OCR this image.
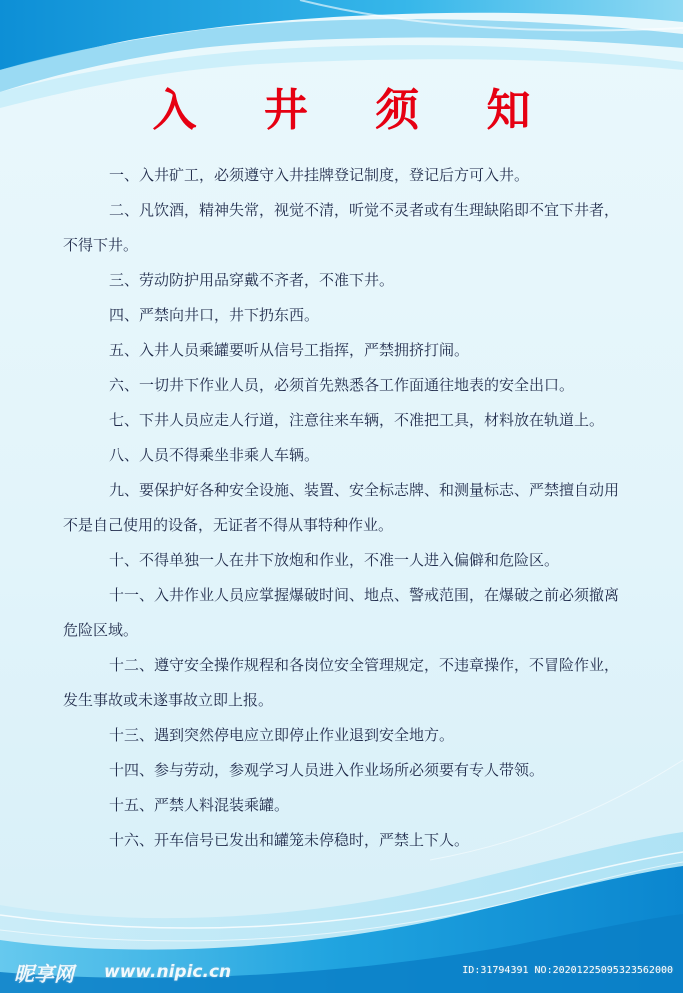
入 井 须 知
一、入井矿工，必须遵守入井挂牌登记制度，登记后方可入井。
二、凡饮酒，精神失常，视觉不清，听觉不灵者或有生理缺陷即不宜下井者，不得下井。
三、劳动防护用品穿戴不齐者，不准下井。
四、严禁向井口，井下扔东西。
五、入井人员乘罐要听从信号工指挥，严禁拥挤打闹。
六、一切井下作业人员，必须首先熟悉各工作面通往地表的安全出口。
七、下井人员应走人行道，注意往来车辆，不准把工具，材料放在轨道上。
八、人员不得乘坐非乘人车辆。
九、要保护好各种安全设施、装置、安全标志牌、和测量标志、严禁擅自动用不是自己使用的设备，无证者不得从事特种作业。
十、不得单独一人在井下放炮和作业，不准一人进入偏僻和危险区。
十一、入井作业人员应掌握爆破时间、地点、警戒范围，在爆破之前必须撤离危险区域。
十二、遵守安全操作规程和各岗位安全管理规定，不违章操作，不冒险作业，发生事故或未遂事故立即上报。
十三、遇到突然停电应立即停止作业退到安全地方。
十四、参与劳动，参观学习人员进入作业场所必须要有专人带领。
十五、严禁人料混装乘罐。
十六、开车信号已发出和罐笼未停稳时，严禁上下人。
昵享网 www.nipic.cn	ID:31794391 NO:20201225095323562000
